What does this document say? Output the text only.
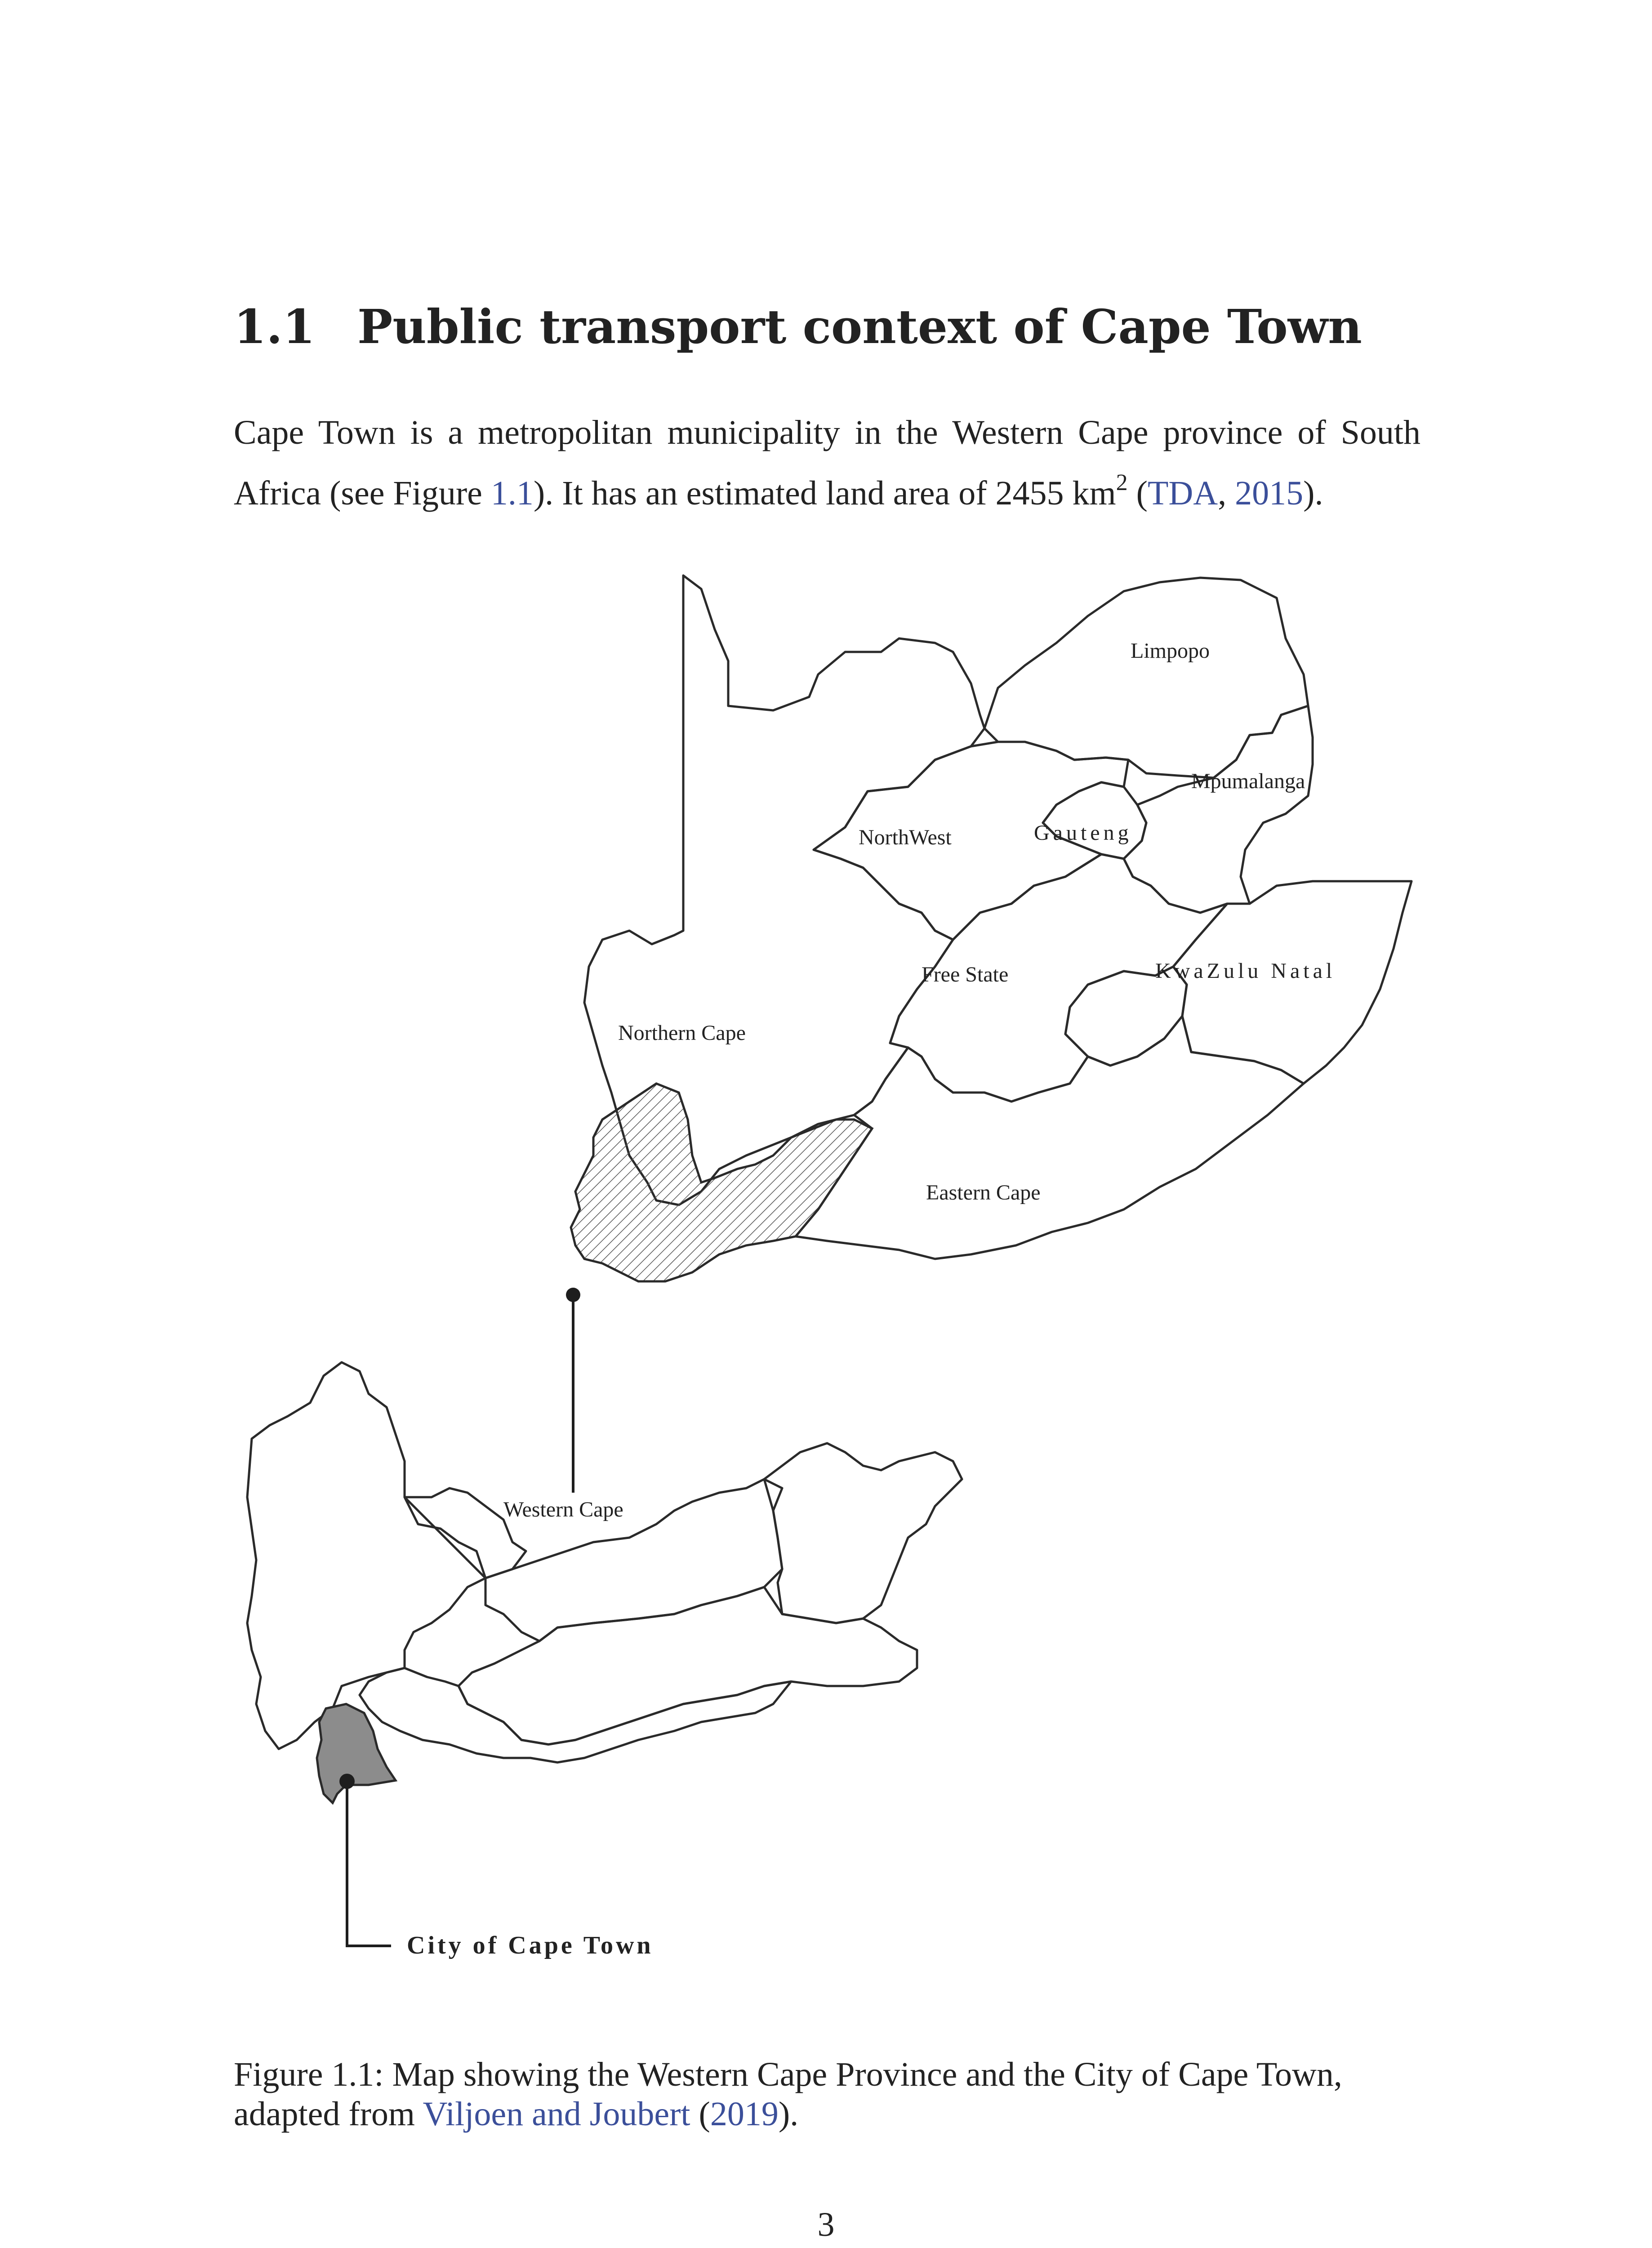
1.1 Public transport context of Cape Town

Cape Town is a metropolitan municipality in the Western Cape province of South
Africa (see Figure 1.1). It has an estimated land area of 2455 $km^2$ (TDA, 2015).

Limpopo
Mpumalanga
Gauteng
NorthWest
Free State	KwaZulu Natal
Northern Cape
Eastern Cape
Western Cape
City of Cape Town

Figure 1.1: Map showing the Western Cape Province and the City of Cape Town,
adapted from Viljoen and Joubert (2019).

3
